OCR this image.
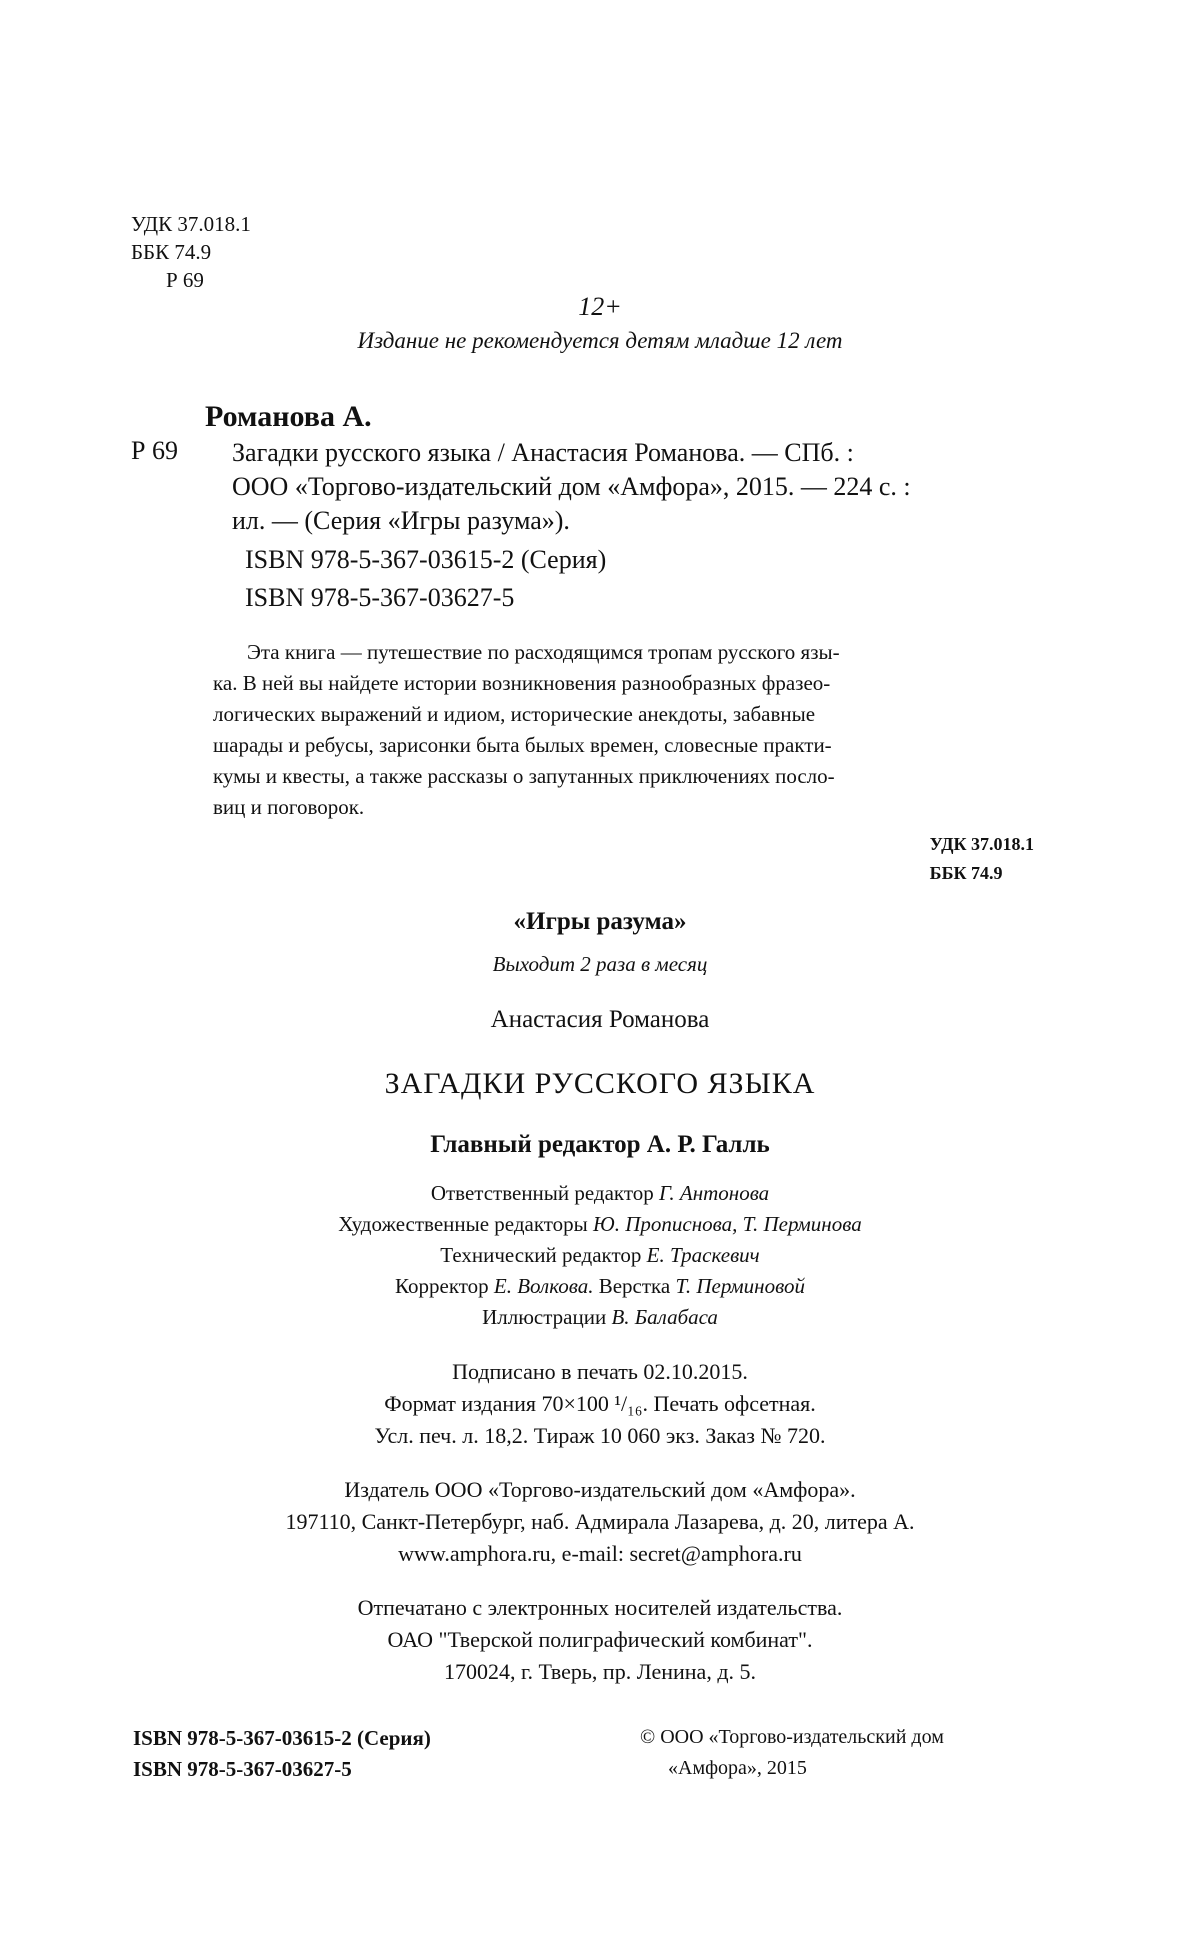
УДК 37.018.1
ББК 74.9
Р 69
12+
Издание не рекомендуется детям младше 12 лет
Романова А.
Р 69 Загадки русского языка / Анастасия Романова. — СПб. :
ООО «Торгово-издательский дом «Амфора», 2015. — 224 с. :
ил. — (Серия «Игры разума»).
ISBN 978-5-367-03615-2 (Серия)
ISBN 978-5-367-03627-5
Эта книга — путешествие по расходящимся тропам русского язы-
ка. В ней вы найдете истории возникновения разнообразных фразео-
логических выражений и идиом, исторические анекдоты, забавные
шарады и ребусы, зарисонки быта былых времен, словесные практи-
кумы и квесты, а также рассказы о запутанных приключениях посло-
виц и поговорок.
УДК 37.018.1
ББК 74.9
«Игры разума»
Выходит 2 раза в месяц
Анастасия Романова
ЗАГАДКИ РУССКОГО ЯЗЫКА
Главный редактор А. Р. Галль
Ответственный редактор Г. Антонова
Художественные редакторы Ю. Прописнова, Т. Перминова
Технический редактор Е. Траскевич
Корректор Е. Волкова. Верстка Т. Перминовой
Иллюстрации В. Балабаса
Подписано в печать 02.10.2015.
Формат издания 70×100 ¹/₁₆. Печать офсетная.
Усл. печ. л. 18,2. Тираж 10 060 экз. Заказ № 720.
Издатель ООО «Торгово-издательский дом «Амфора».
197110, Санкт-Петербург, наб. Адмирала Лазарева, д. 20, литера А.
www.amphora.ru, e-mail: secret@amphora.ru
Отпечатано с электронных носителей издательства.
ОАО "Тверской полиграфический комбинат".
170024, г. Тверь, пр. Ленина, д. 5.
ISBN 978-5-367-03615-2 (Серия)
ISBN 978-5-367-03627-5
© ООО «Торгово-издательский дом
«Амфора», 2015
